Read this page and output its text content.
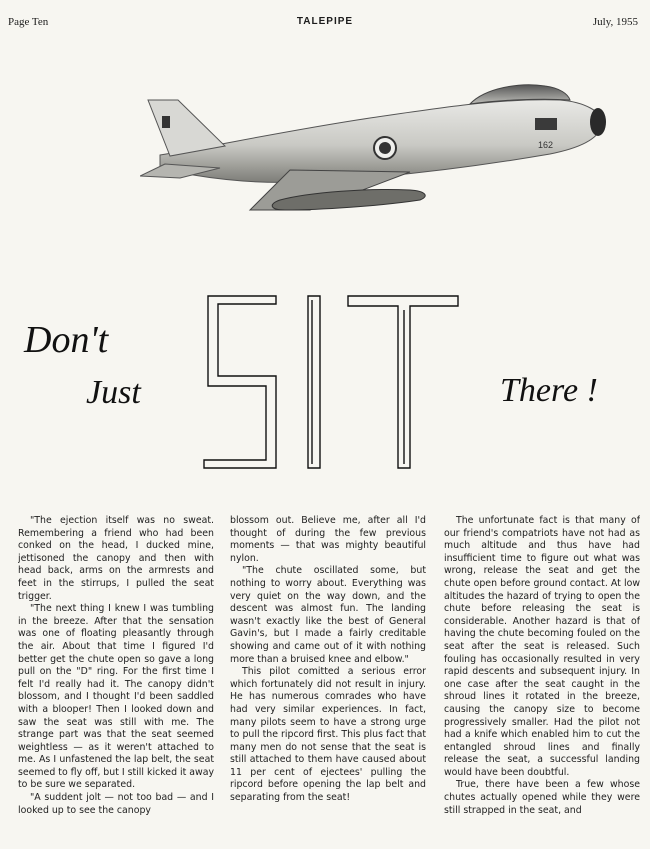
Page Ten	TALEPIPE	July, 1955
162
Don't
Just	There !

"The ejection itself was no sweat. Remembering a friend who had been conked on the head, I ducked mine, jettisoned the canopy and then with head back, arms on the armrests and feet in the stirrups, I pulled the seat trigger.

"The next thing I knew I was tumbling in the breeze. After that the sensation was one of floating pleasantly through the air. About that time I figured I'd better get the chute open so gave a long pull on the "D" ring. For the first time I felt I'd really had it. The canopy didn't blossom, and I thought I'd been saddled with a blooper! Then I looked down and saw the seat was still with me. The strange part was that the seat seemed weightless — as it weren't attached to me. As I unfastened the lap belt, the seat seemed to fly off, but I still kicked it away to be sure we separated.

"A suddent jolt — not too bad — and I looked up to see the canopy

blossom out. Believe me, after all I'd thought of during the few previous moments — that was mighty beautiful nylon.

"The chute oscillated some, but nothing to worry about. Everything was very quiet on the way down, and the descent was almost fun. The landing wasn't exactly like the best of General Gavin's, but I made a fairly creditable showing and came out of it with nothing more than a bruised knee and elbow."

This pilot comitted a serious error which fortunately did not result in injury. He has numerous comrades who have had very similar experiences. In fact, many pilots seem to have a strong urge to pull the ripcord first. This plus fact that many men do not sense that the seat is still attached to them have caused about 11 per cent of ejectees' pulling the ripcord before opening the lap belt and separating from the seat!

The unfortunate fact is that many of our friend's compatriots have not had as much altitude and thus have had insufficient time to figure out what was wrong, release the seat and get the chute open before ground contact. At low altitudes the hazard of trying to open the chute before releasing the seat is considerable. Another hazard is that of having the chute becoming fouled on the seat after the seat is released. Such fouling has occasionally resulted in very rapid descents and subsequent injury. In one case after the seat caught in the shroud lines it rotated in the breeze, causing the canopy size to become progressively smaller. Had the pilot not had a knife which enabled him to cut the entangled shroud lines and finally release the seat, a successful landing would have been doubtful.

True, there have been a few whose chutes actually opened while they were still strapped in the seat, and
